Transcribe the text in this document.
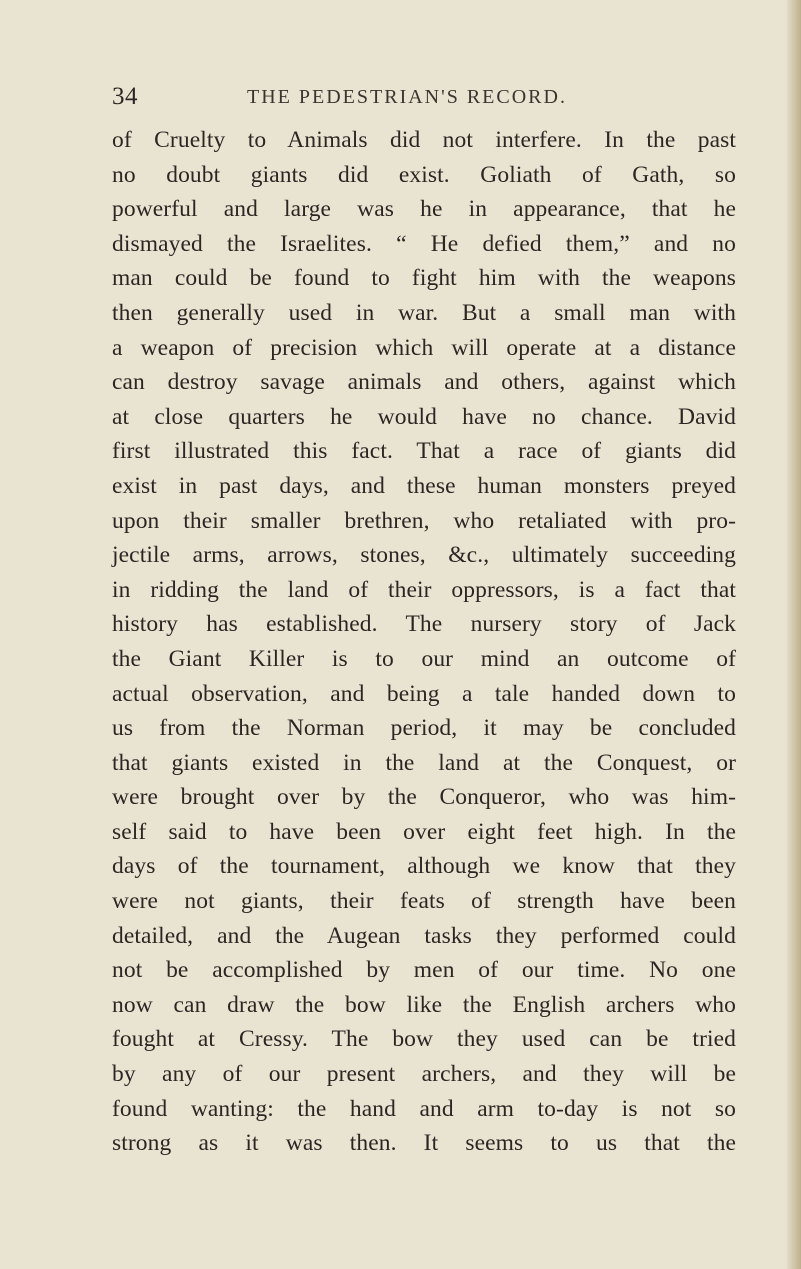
34	THE PEDESTRIAN'S RECORD.
of Cruelty to Animals did not interfere. In the past
no doubt giants did exist. Goliath of Gath, so
powerful and large was he in appearance, that he
dismayed the Israelites. “ He defied them,” and no
man could be found to fight him with the weapons
then generally used in war. But a small man with
a weapon of precision which will operate at a distance
can destroy savage animals and others, against which
at close quarters he would have no chance. David
first illustrated this fact. That a race of giants did
exist in past days, and these human monsters preyed
upon their smaller brethren, who retaliated with pro-
jectile arms, arrows, stones, &c., ultimately succeeding
in ridding the land of their oppressors, is a fact that
history has established. The nursery story of Jack
the Giant Killer is to our mind an outcome of
actual observation, and being a tale handed down to
us from the Norman period, it may be concluded
that giants existed in the land at the Conquest, or
were brought over by the Conqueror, who was him-
self said to have been over eight feet high. In the
days of the tournament, although we know that they
were not giants, their feats of strength have been
detailed, and the Augean tasks they performed could
not be accomplished by men of our time. No one
now can draw the bow like the English archers who
fought at Cressy. The bow they used can be tried
by any of our present archers, and they will be
found wanting: the hand and arm to-day is not so
strong as it was then. It seems to us that the
